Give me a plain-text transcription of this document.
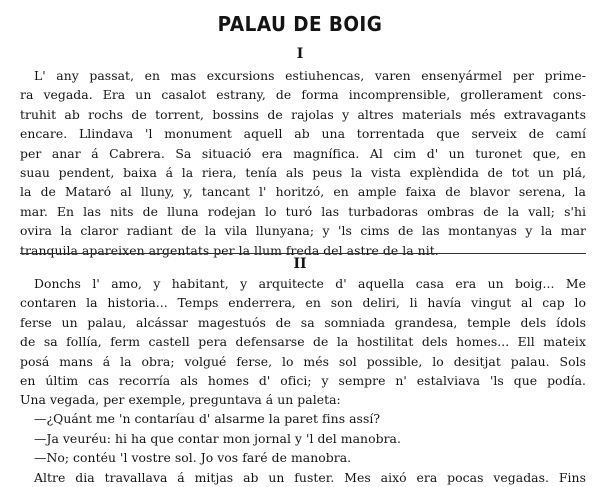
PALAU DE BOIG
I
L' any passat, en mas excursions estiuhencas, varen ensenyármel per prime-
ra vegada. Era un casalot estrany, de forma incomprensible, grollerament cons-
truhit ab rochs de torrent, bossins de rajolas y altres materials més extravagants
encare. Llindava 'l monument aquell ab una torrentada que serveix de camí
per anar á Cabrera. Sa situació era magnífica. Al cim d' un turonet que, en
suau pendent, baixa á la riera, tenía als peus la vista explèndida de tot un plá,
la de Mataró al lluny, y, tancant l' horitzó, en ample faixa de blavor serena, la
mar. En las nits de lluna rodejan lo turó las turbadoras ombras de la vall; s'hi
ovira la claror radiant de la vila llunyana; y 'ls cims de las montanyas y la mar
tranquila apareixen argentats per la llum freda del astre de la nit.
II
Donchs l' amo, y habitant, y arquitecte d' aquella casa era un boig... Me
contaren la historia... Temps enderrera, en son deliri, li havía vingut al cap lo
ferse un palau, alcássar magestuós de sa somniada grandesa, temple dels ídols
de sa follía, ferm castell pera defensarse de la hostilitat dels homes... Ell mateix
posá mans á la obra; volgué ferse, lo més sol possible, lo desitjat palau. Sols
en últim cas recorría als homes d' ofici; y sempre n' estalviava 'ls que podía.
Una vegada, per exemple, preguntava á un paleta:
—¿Quánt me 'n contaríau d' alsarme la paret fins assí?
—Ja veuréu: hi ha que contar mon jornal y 'l del manobra.
—No; contéu 'l vostre sol. Jo vos faré de manobra.
Altre dia travallava á mitjas ab un fuster. Mes aixó era pocas vegadas. Fins
